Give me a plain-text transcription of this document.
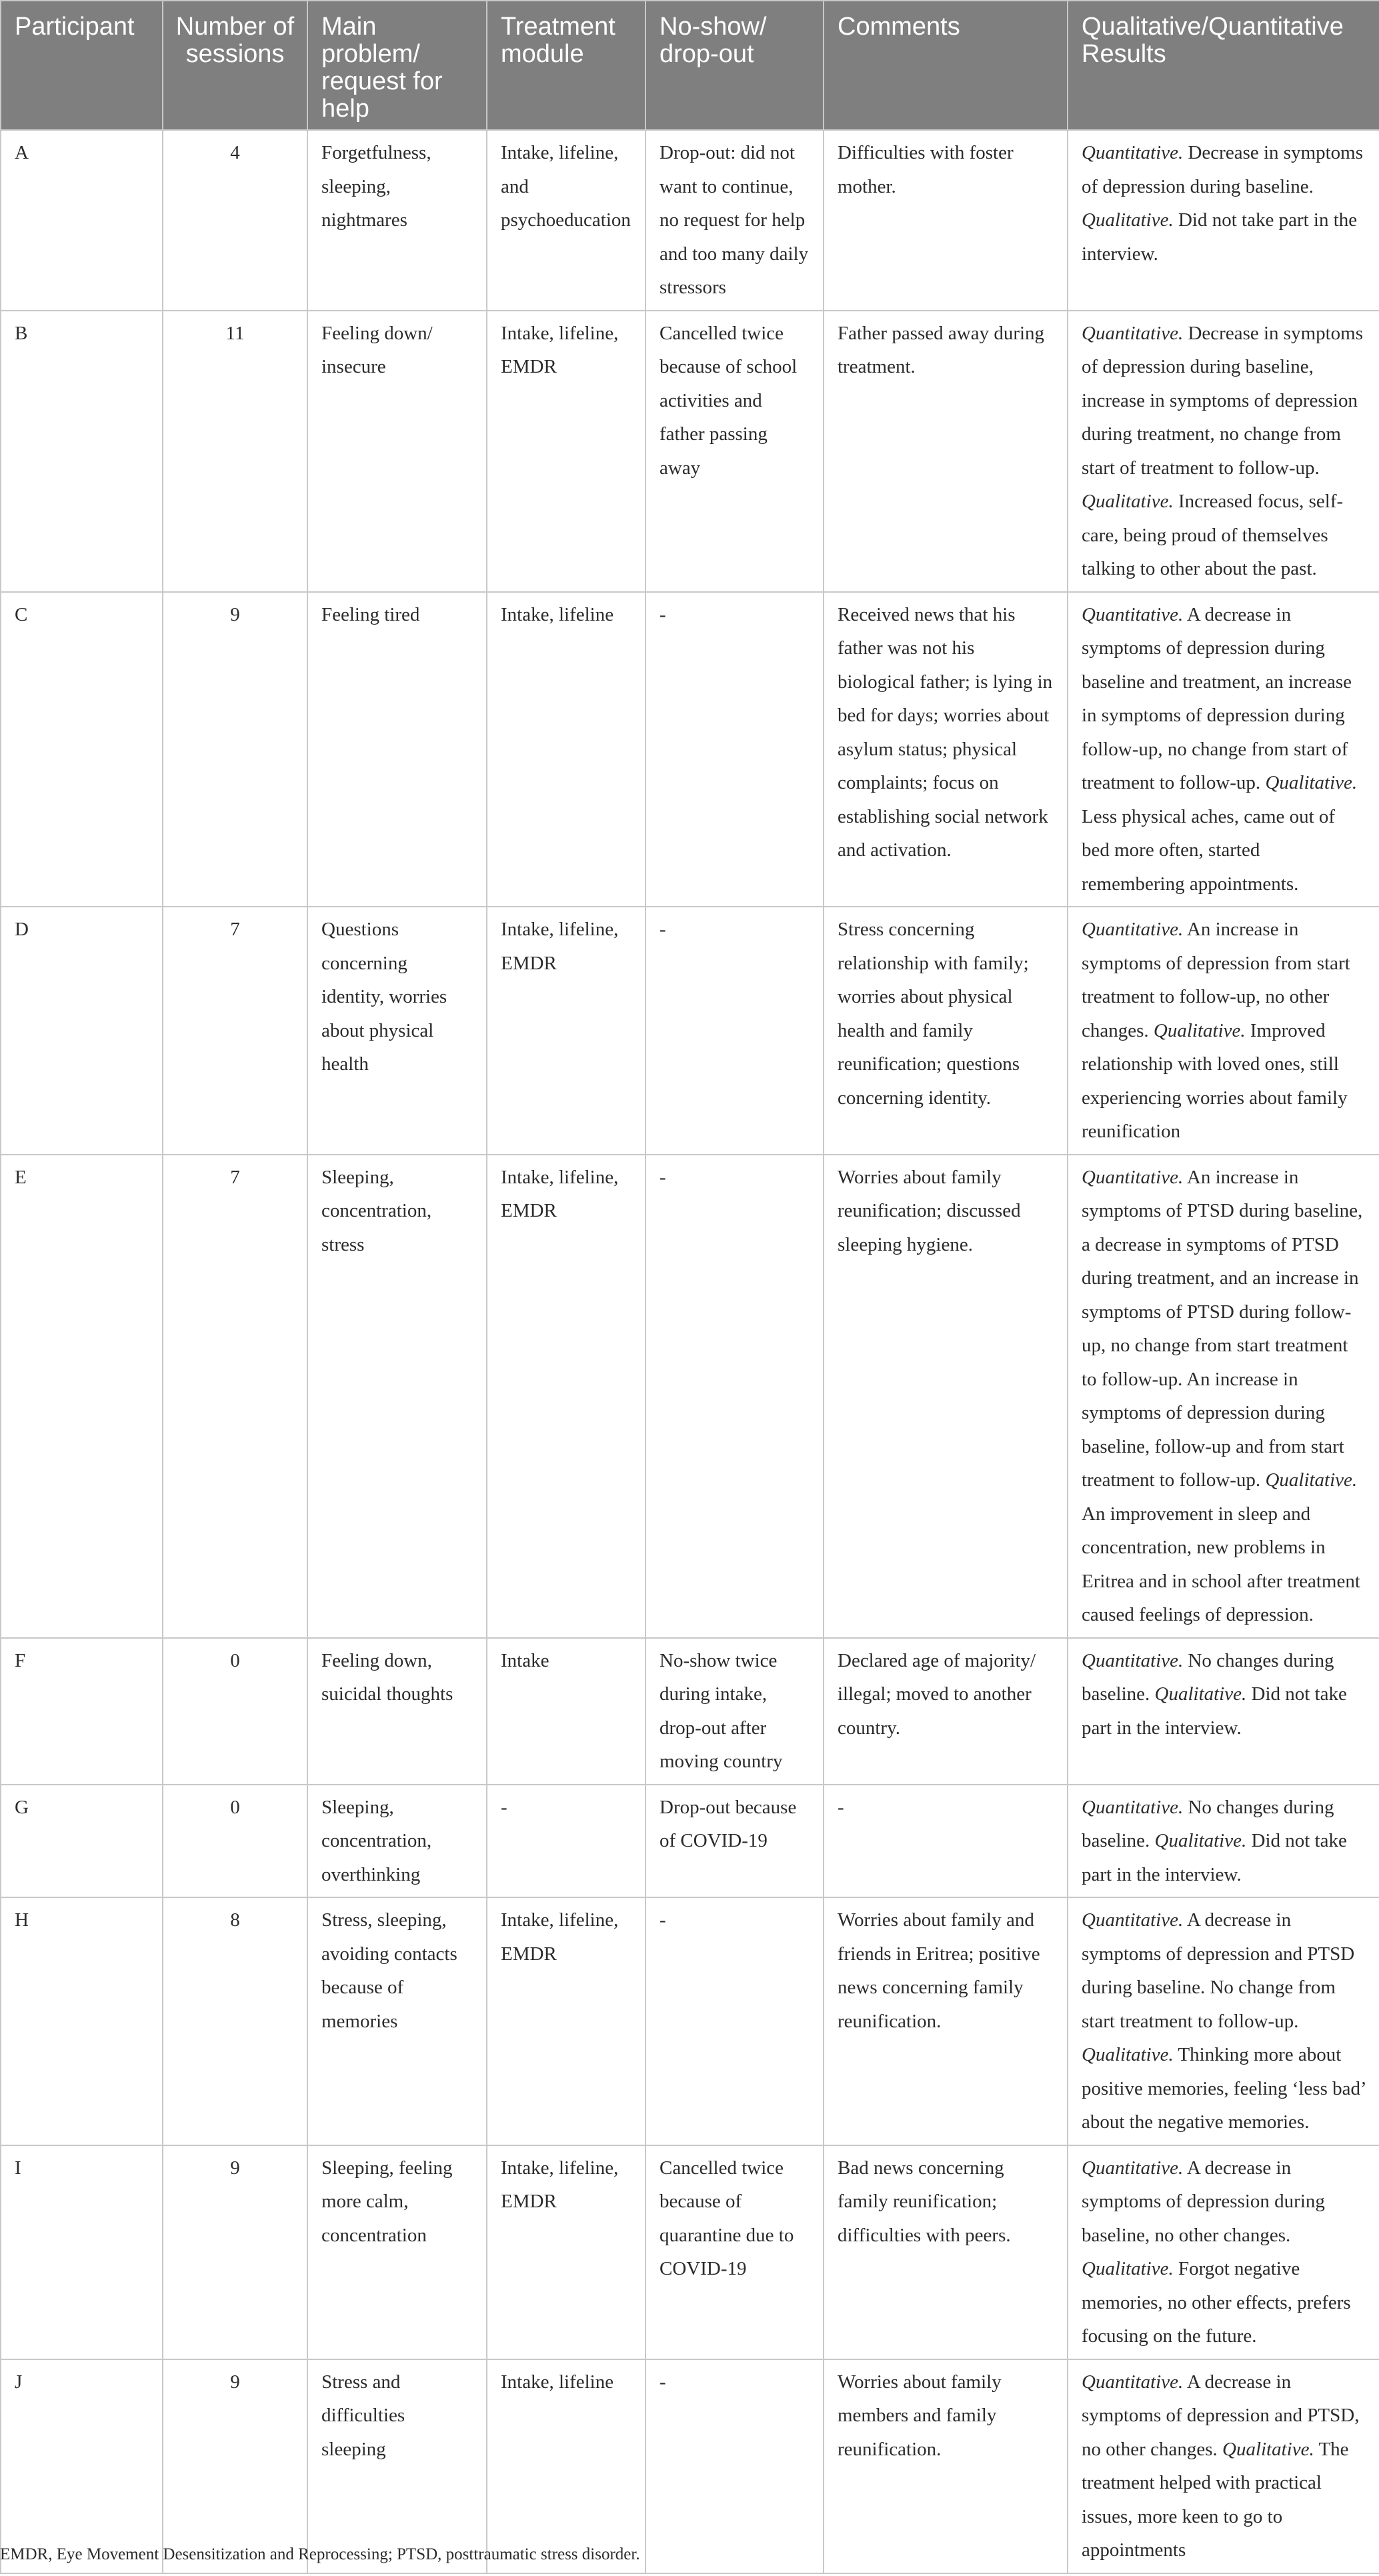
Participant	Number of sessions	Main problem/ request for help	Treatment module	No-show/ drop-out	Comments	Qualitative/Quantitative Results
A	4	Forgetfulness, sleeping, nightmares	Intake, lifeline, and psychoeducation	Drop-out: did not want to continue, no request for help and too many daily stressors	Difficulties with foster mother.	Quantitative. Decrease in symptoms of depression during baseline. Qualitative. Did not take part in the interview.
B	11	Feeling down/ insecure	Intake, lifeline, EMDR	Cancelled twice because of school activities and father passing away	Father passed away during treatment.	Quantitative. Decrease in symptoms of depression during baseline, increase in symptoms of depression during treatment, no change from start of treatment to follow-up. Qualitative. Increased focus, self-care, being proud of themselves talking to other about the past.
C	9	Feeling tired	Intake, lifeline	-	Received news that his father was not his biological father; is lying in bed for days; worries about asylum status; physical complaints; focus on establishing social network and activation.	Quantitative. A decrease in symptoms of depression during baseline and treatment, an increase in symptoms of depression during follow-up, no change from start of treatment to follow-up. Qualitative. Less physical aches, came out of bed more often, started remembering appointments.
D	7	Questions concerning identity, worries about physical health	Intake, lifeline, EMDR	-	Stress concerning relationship with family; worries about physical health and family reunification; questions concerning identity.	Quantitative. An increase in symptoms of depression from start treatment to follow-up, no other changes. Qualitative. Improved relationship with loved ones, still experiencing worries about family reunification
E	7	Sleeping, concentration, stress	Intake, lifeline, EMDR	-	Worries about family reunification; discussed sleeping hygiene.	Quantitative. An increase in symptoms of PTSD during baseline, a decrease in symptoms of PTSD during treatment, and an increase in symptoms of PTSD during follow-up, no change from start treatment to follow-up. An increase in symptoms of depression during baseline, follow-up and from start treatment to follow-up. Qualitative. An improvement in sleep and concentration, new problems in Eritrea and in school after treatment caused feelings of depression.
F	0	Feeling down, suicidal thoughts	Intake	No-show twice during intake, drop-out after moving country	Declared age of majority/ illegal; moved to another country.	Quantitative. No changes during baseline. Qualitative. Did not take part in the interview.
G	0	Sleeping, concentration, overthinking	-	Drop-out because of COVID-19	-	Quantitative. No changes during baseline. Qualitative. Did not take part in the interview.
H	8	Stress, sleeping, avoiding contacts because of memories	Intake, lifeline, EMDR	-	Worries about family and friends in Eritrea; positive news concerning family reunification.	Quantitative. A decrease in symptoms of depression and PTSD during baseline. No change from start treatment to follow-up. Qualitative. Thinking more about positive memories, feeling ‘less bad’ about the negative memories.
I	9	Sleeping, feeling more calm, concentration	Intake, lifeline, EMDR	Cancelled twice because of quarantine due to COVID-19	Bad news concerning family reunification; difficulties with peers.	Quantitative. A decrease in symptoms of depression during baseline, no other changes. Qualitative. Forgot negative memories, no other effects, prefers focusing on the future.
J	9	Stress and difficulties sleeping	Intake, lifeline	-	Worries about family members and family reunification.	Quantitative. A decrease in symptoms of depression and PTSD, no other changes. Qualitative. The treatment helped with practical issues, more keen to go to appointments
EMDR, Eye Movement Desensitization and Reprocessing; PTSD, posttraumatic stress disorder.
